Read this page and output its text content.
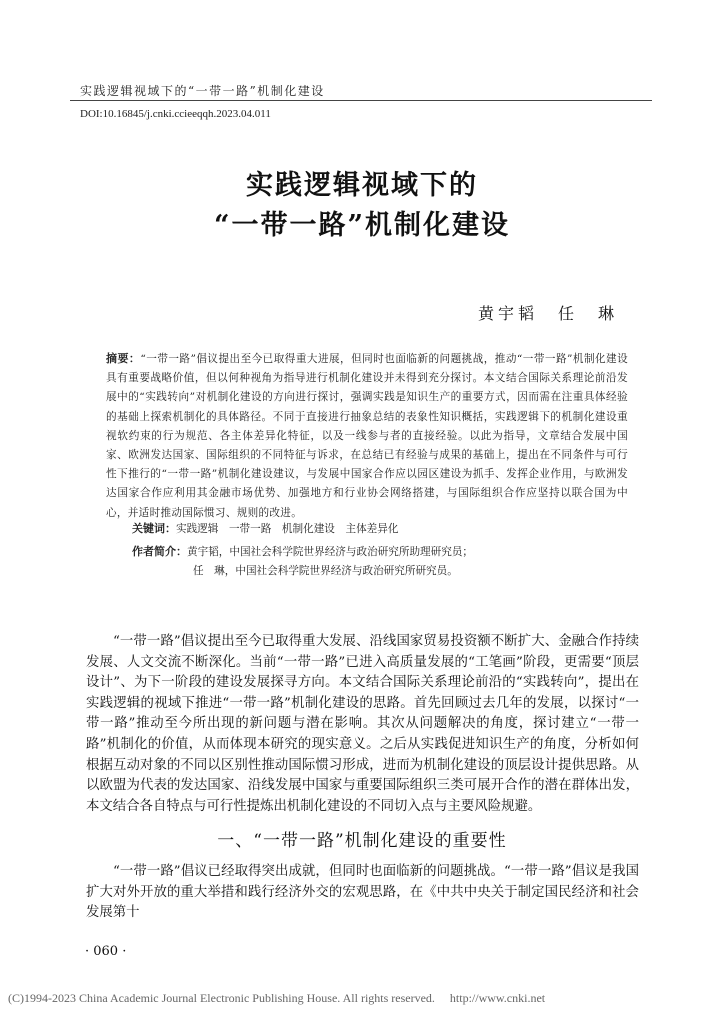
实践逻辑视域下的“一带一路”机制化建设
DOI:10.16845/j.cnki.ccieeqqh.2023.04.011
实践逻辑视域下的
“一带一路”机制化建设
黄宇韬　任　琳
摘要：“一带一路”倡议提出至今已取得重大进展，但同时也面临新的问题挑战，推动“一带一路”机制化建设具有重要战略价值，但以何种视角为指导进行机制化建设并未得到充分探讨。本文结合国际关系理论前沿发展中的“实践转向”对机制化建设的方向进行探讨，强调实践是知识生产的重要方式，因而需在注重具体经验的基础上探索机制化的具体路径。不同于直接进行抽象总结的表象性知识概括，实践逻辑下的机制化建设重视软约束的行为规范、各主体差异化特征，以及一线参与者的直接经验。以此为指导，文章结合发展中国家、欧洲发达国家、国际组织的不同特征与诉求，在总结已有经验与成果的基础上，提出在不同条件与可行性下推行的“一带一路”机制化建设建议，与发展中国家合作应以园区建设为抓手、发挥企业作用，与欧洲发达国家合作应利用其金融市场优势、加强地方和行业协会网络搭建，与国际组织合作应坚持以联合国为中心，并适时推动国际惯习、规则的改进。
关键词：实践逻辑　一带一路　机制化建设　主体差异化
作者简介：黄宇韬，中国社会科学院世界经济与政治研究所助理研究员；
任　琳，中国社会科学院世界经济与政治研究所研究员。
“一带一路”倡议提出至今已取得重大发展、沿线国家贸易投资额不断扩大、金融合作持续发展、人文交流不断深化。当前“一带一路”已进入高质量发展的“工笔画”阶段，更需要“顶层设计”、为下一阶段的建设发展探寻方向。本文结合国际关系理论前沿的“实践转向”，提出在实践逻辑的视域下推进“一带一路”机制化建设的思路。首先回顾过去几年的发展，以探讨“一带一路”推动至今所出现的新问题与潜在影响。其次从问题解决的角度，探讨建立“一带一路”机制化的价值，从而体现本研究的现实意义。之后从实践促进知识生产的角度，分析如何根据互动对象的不同以区别性推动国际惯习形成，进而为机制化建设的顶层设计提供思路。从以欧盟为代表的发达国家、沿线发展中国家与重要国际组织三类可展开合作的潜在群体出发，本文结合各自特点与可行性提炼出机制化建设的不同切入点与主要风险规避。
一、“一带一路”机制化建设的重要性
“一带一路”倡议已经取得突出成就，但同时也面临新的问题挑战。“一带一路”倡议是我国扩大对外开放的重大举措和践行经济外交的宏观思路，在《中共中央关于制定国民经济和社会发展第十
· 060 ·
(C)1994-2023 China Academic Journal Electronic Publishing House. All rights reserved.　 http://www.cnki.net
